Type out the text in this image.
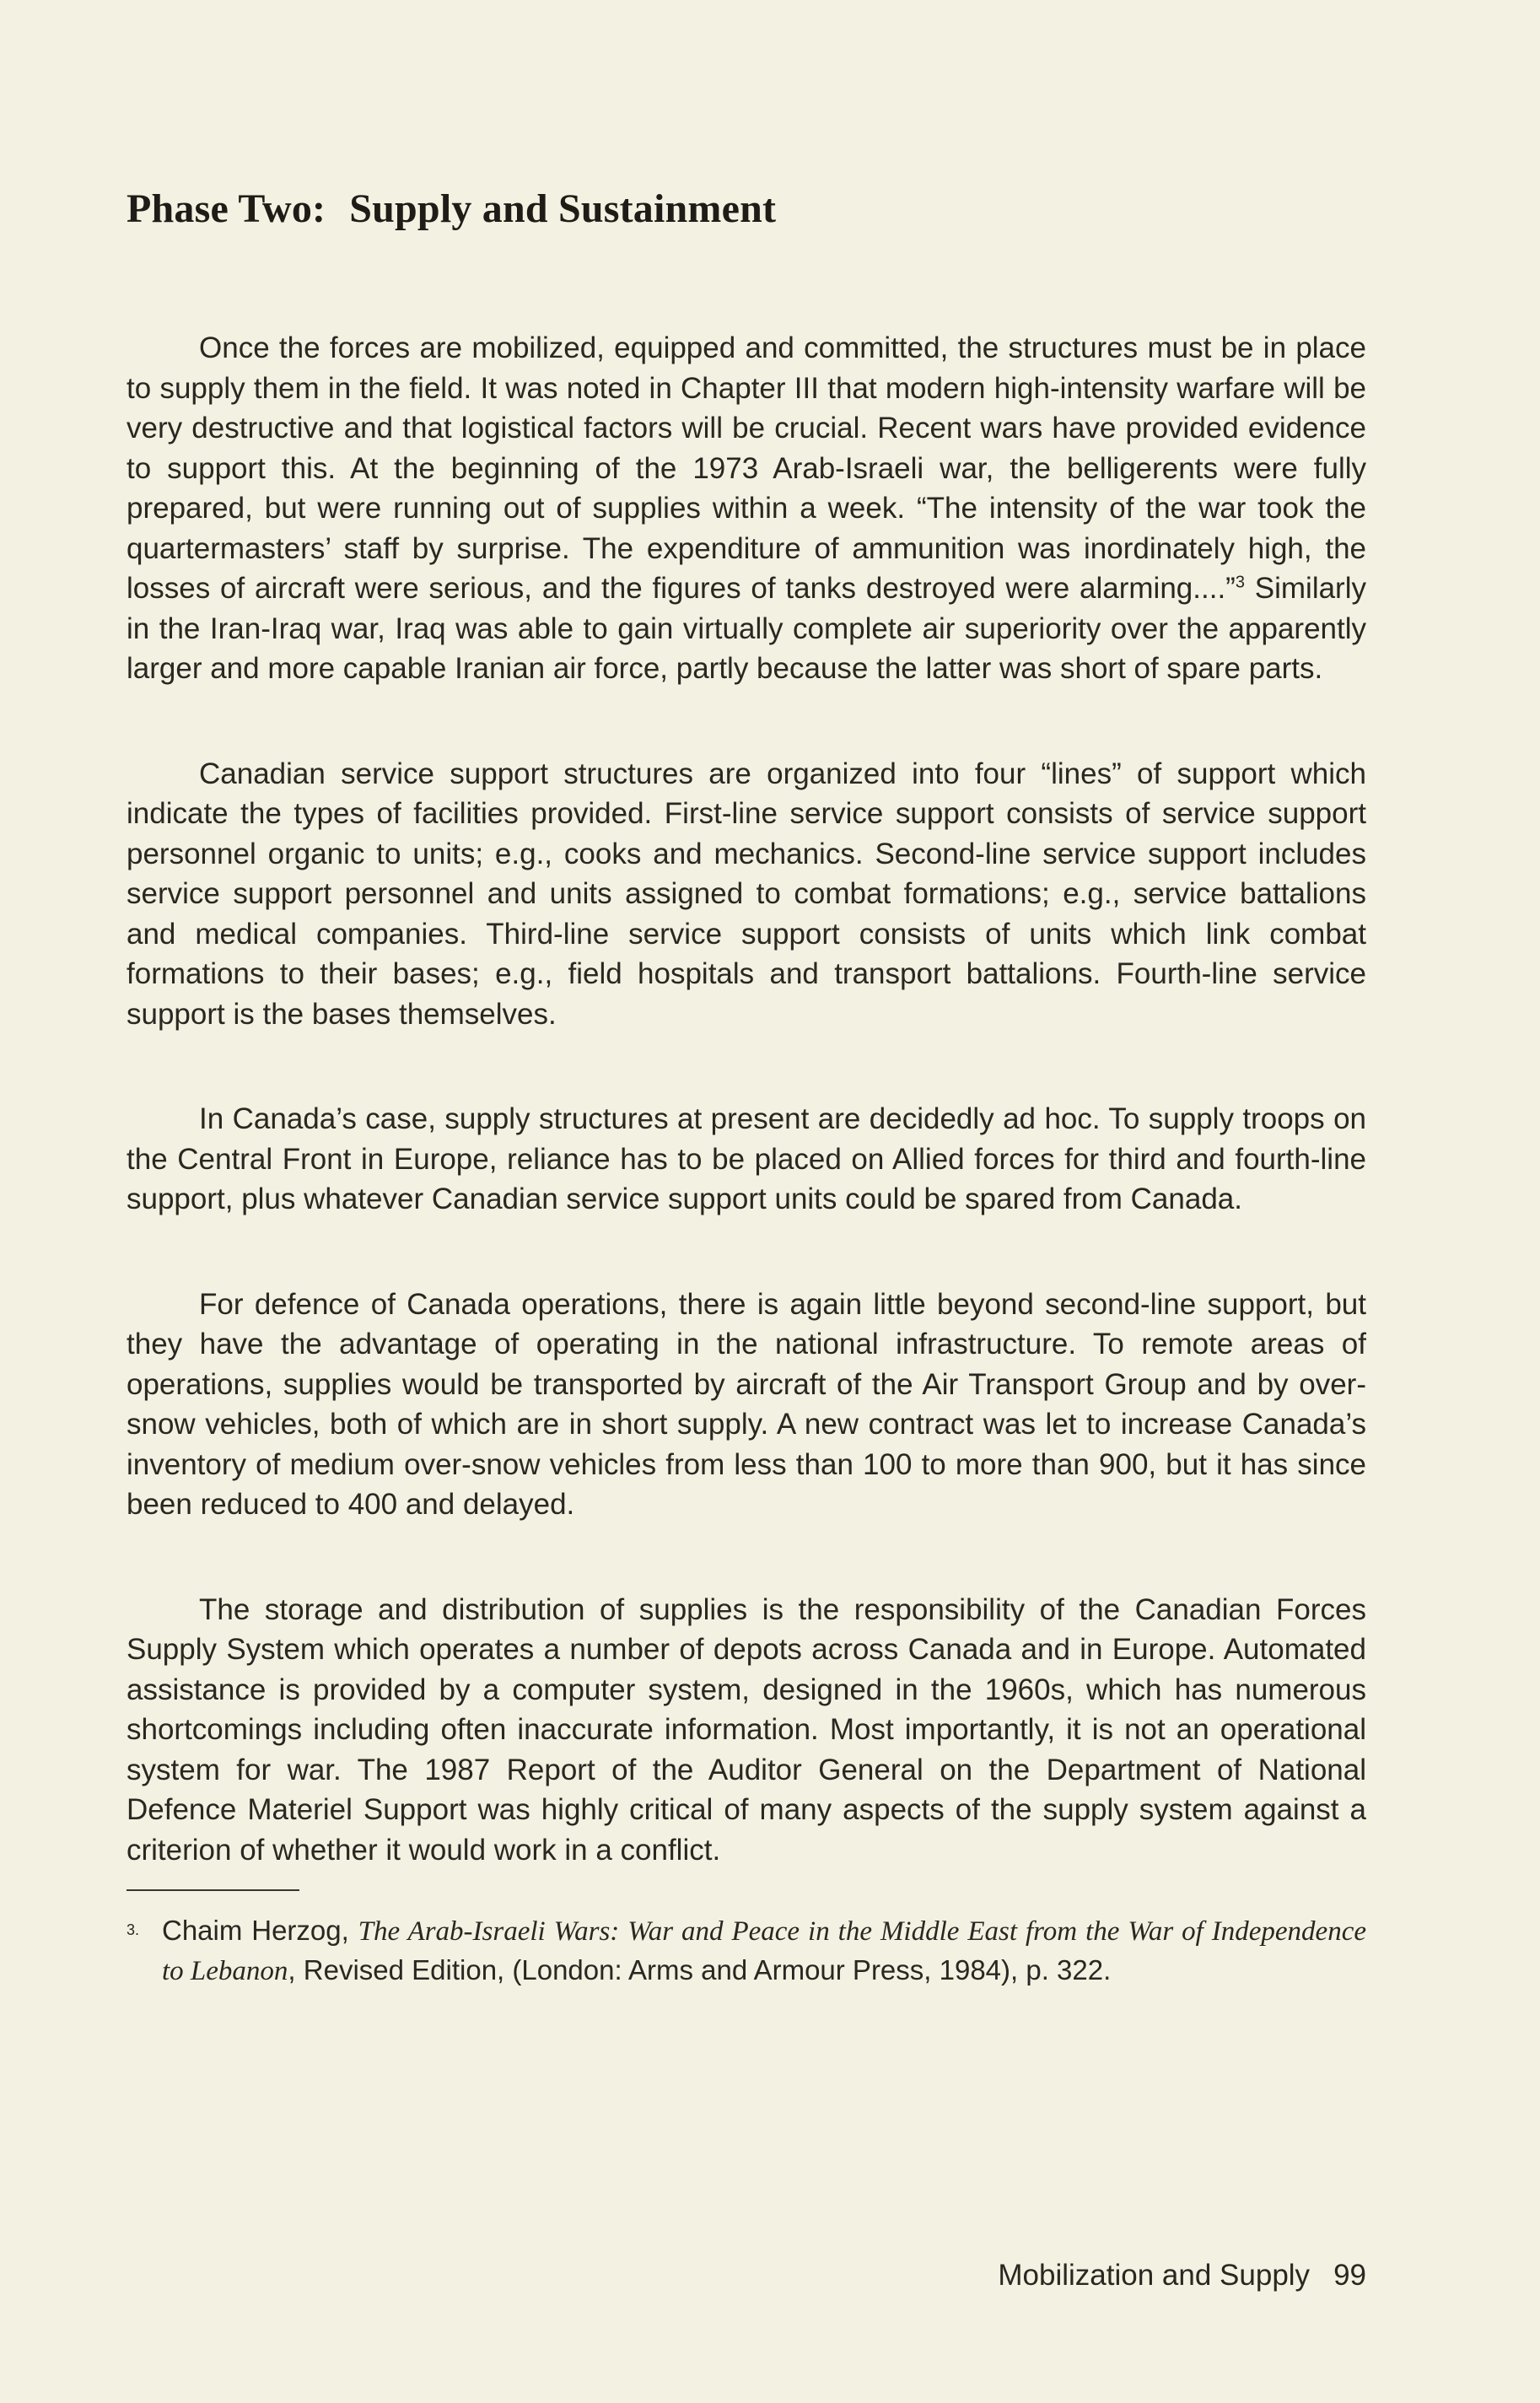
Phase Two: Supply and Sustainment

Once the forces are mobilized, equipped and committed, the structures must be in place to supply them in the field. It was noted in Chapter III that modern high-intensity warfare will be very destructive and that logistical factors will be crucial. Recent wars have provided evidence to support this. At the beginning of the 1973 Arab-Israeli war, the belligerents were fully prepared, but were running out of supplies within a week. “The intensity of the war took the quartermasters’ staff by surprise. The expenditure of ammunition was inordinately high, the losses of aircraft were serious, and the figures of tanks destroyed were alarming....”$^3$ Similarly in the Iran-Iraq war, Iraq was able to gain virtually complete air superiority over the apparently larger and more capable Iranian air force, partly because the latter was short of spare parts.

Canadian service support structures are organized into four “lines” of support which indicate the types of facilities provided. First-line service support consists of service support personnel organic to units; e.g., cooks and mechanics. Second-line service support includes service support personnel and units assigned to combat formations; e.g., service battalions and medical companies. Third-line service support consists of units which link combat formations to their bases; e.g., field hospitals and transport battalions. Fourth-line service support is the bases themselves.

In Canada’s case, supply structures at present are decidedly ad hoc. To supply troops on the Central Front in Europe, reliance has to be placed on Allied forces for third and fourth-line support, plus whatever Canadian service support units could be spared from Canada.

For defence of Canada operations, there is again little beyond second-line support, but they have the advantage of operating in the national infrastructure. To remote areas of operations, supplies would be transported by aircraft of the Air Transport Group and by over-snow vehicles, both of which are in short supply. A new contract was let to increase Canada’s inventory of medium over-snow vehicles from less than 100 to more than 900, but it has since been reduced to 400 and delayed.

The storage and distribution of supplies is the responsibility of the Canadian Forces Supply System which operates a number of depots across Canada and in Europe. Automated assistance is provided by a computer system, designed in the 1960s, which has numerous shortcomings including often inaccurate information. Most importantly, it is not an operational system for war. The 1987 Report of the Auditor General on the Department of National Defence Materiel Support was highly critical of many aspects of the supply system against a criterion of whether it would work in a conflict.

3. Chaim Herzog, The Arab-Israeli Wars: War and Peace in the Middle East from the War of Independence to Lebanon, Revised Edition, (London: Arms and Armour Press, 1984), p. 322.

Mobilization and Supply 99
